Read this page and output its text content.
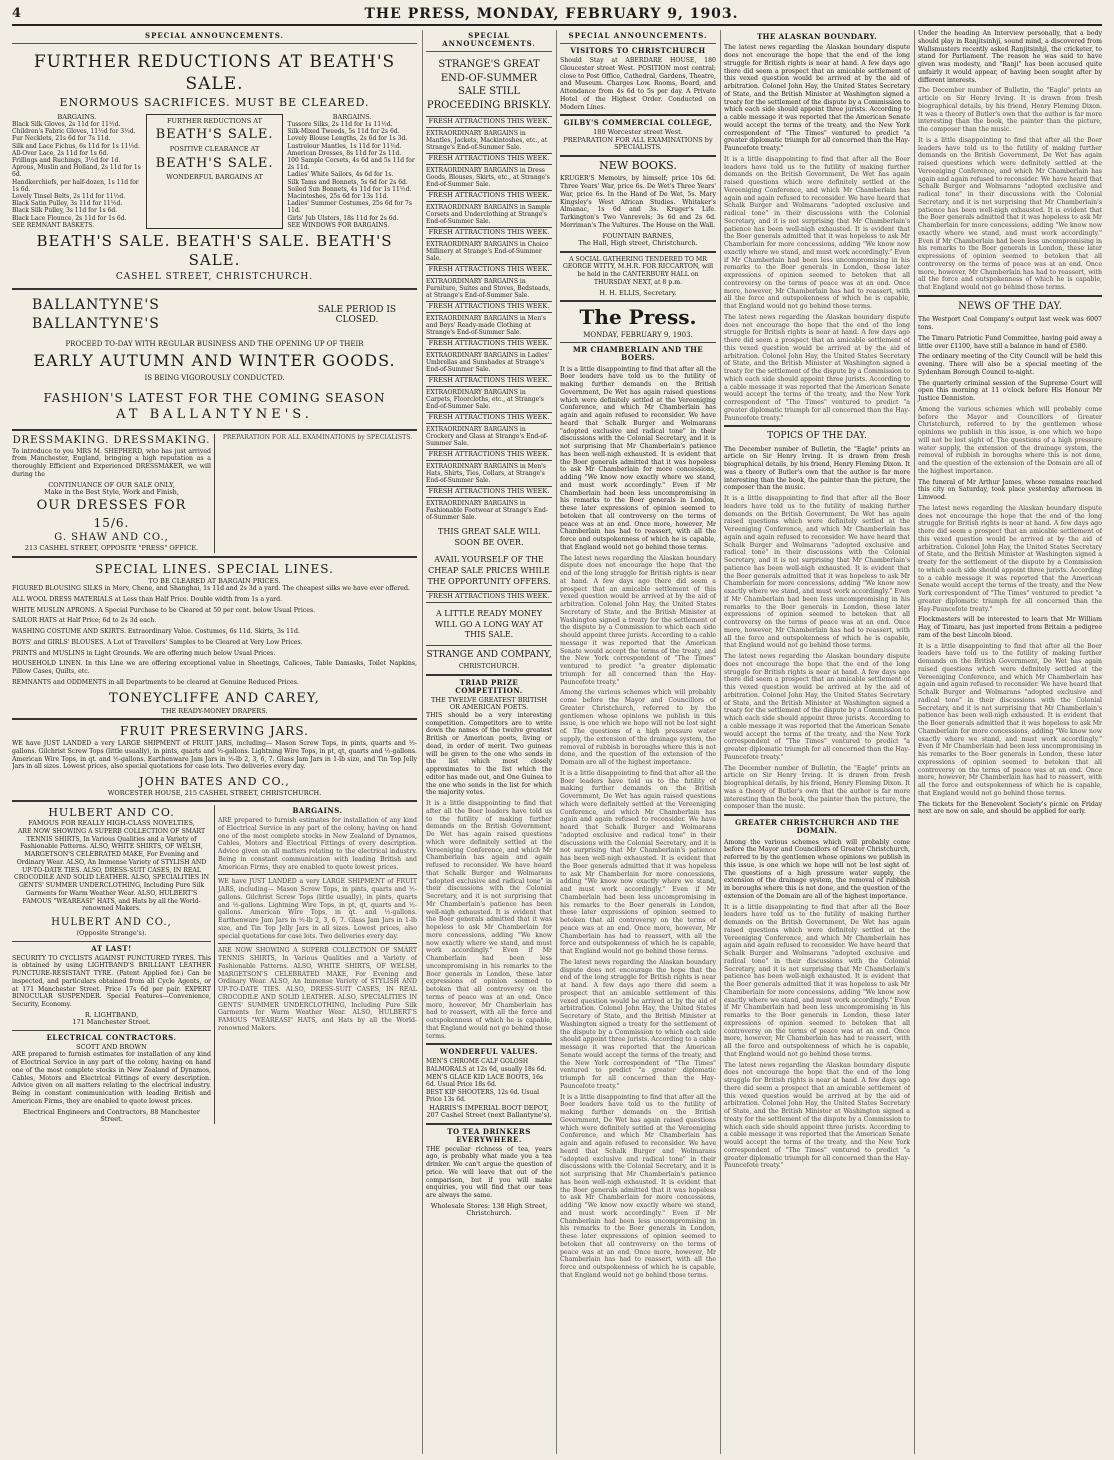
4	THE PRESS, MONDAY, FEBRUARY 9, 1903.
SPECIAL ANNOUNCEMENTS.
FURTHER REDUCTIONS AT BEATH'S SALE.
ENORMOUS SACRIFICES. MUST BE CLEARED.
BARGAINS.
Black Silk Gloves, 2s 11d for 11½d.
Children's Fabric Gloves, 11½d for 3½d.
Fur Necklets, 21s 6d for 7s 11d.
Silk and Lace Fichus, 6s 11d for 1s 11½d.
All-Over Lace, 2s 11d for 1s 6d.
Frillings and Ruchings, 3½d for 1d.
Aprons, Muslin and Holland, 2s 11d for 1s 6d.
Handkerchiefs, per half-dozen, 1s 11d for 1s 6d.
Lovely Tinsel Belts, 2s 11d for 11½d.
Black Satin Pulley, 3s 11d for 11½d.
Black Silk Pulley, 3s 11d for 1s 6d.
Black Lace Flounce, 2s 11d for 1s 6d.
SEE REMNANT BASKETS.
FURTHER REDUCTIONS AT
BEATH'S SALE.
POSITIVE CLEARANCE AT
BEATH'S SALE.
WONDERFUL BARGAINS AT
BARGAINS.
Tussore Silks, 2s 11d for 1s 11½d.
Silk-Mixed Tweeds, 5s 11d for 2s 6d.
Lovely Blouse Lengths, 2s 6d for 1s 3d.
Lustrelour Mantles, 1s 11d for 11½d.
American Dresses, 8s 11d for 2s 11d.
100 Sample Corsets, 4s 6d and 5s 11d for 2s 11d.
Ladies' White Sailors, 4s 6d for 1s.
Silk Tams and Bonnets, 5s 6d for 2s 6d.
Soiled Sun Bonnets, 4s 11d for 1s 11½d.
Macintoshes, 25s 6d for 13s 11d.
Ladies' Summer Costumes, 25s 6d for 7s 11d.
Girls' Jub Ulsters, 18s 11d for 2s 6d.
SEE WINDOWS FOR BARGAINS.
BEATH'S SALE. BEATH'S SALE. BEATH'S SALE.
CASHEL STREET, CHRISTCHURCH.
BALLANTYNE'S
BALLANTYNE'S
SALE PERIOD IS CLOSED.
PROCEED TO-DAY WITH REGULAR BUSINESS AND THE OPENING UP OF THEIR
EARLY AUTUMN AND WINTER GOODS.
IS BEING VIGOROUSLY CONDUCTED.
FASHION'S LATEST FOR THE COMING SEASON
AT BALLANTYNE'S.
DRESSMAKING. DRESSMAKING.
To introduce to you MRS M. SHEPHERD, who has just arrived from Manchester, England, bringing a high reputation as a thoroughly Efficient and Experienced DRESSMAKER, we will during the
CONTINUANCE OF OUR SALE ONLY,
Make in the Best Style, Work and Finish,
OUR DRESSES FOR
15/6.
G. SHAW AND CO.,
213 CASHEL STREET, OPPOSITE "PRESS" OFFICE.
PREPARATION FOR ALL EXAMINATIONS by SPECIALISTS.
SPECIAL LINES. SPECIAL LINES.
TO BE CLEARED AT BARGAIN PRICES.
FIGURED BLOUSING SILKS in Merv, Chene, and Shanghai, 1s 11d and 2s 3d a yard. The cheapest silks we have ever offered.
ALL WOOL DRESS MATERIALS at Less than Half Price. Double width from 1s a yard.
WHITE MUSLIN APRONS. A Special Purchase to be Cleared at 50 per cent. below Usual Prices.
SAILOR HATS at Half Price; 6d to 2s 3d each.
WASHING COSTUME AND SKIRTS. Extraordinary Value. Costumes, 6s 11d. Skirts, 3s 11d.
BOYS' and GIRLS' BLOUSES. A Lot of Travellers' Samples to be Cleared at Very Low Prices.
PRINTS and MUSLINS in Light Grounds. We are offering much below Usual Prices.
HOUSEHOLD LINEN. In this Line we are offering exceptional value in Sheetings, Calicoes, Table Damasks, Toilet Napkins, Pillow Cases, Quilts, etc.
REMNANTS and ODDMENTS in all Departments to be cleared at Genuine Reduced Prices.
TONEYCLIFFE AND CAREY,
THE READY-MONEY DRAPERS.
FRUIT PRESERVING JARS.
WE have JUST LANDED a very LARGE SHIPMENT of FRUIT JARS, including— Mason Screw Tops, in pints, quarts and ½-gallons. Gilchrist Screw Tops (little usually), in pints, quarts and ½-gallons. Lightning Wire Tops, in pt, qt, quarts and ½-gallons. American Wire Tops, in qt. and ½-gallons. Earthenware Jam Jars in ½-lb 2, 3, 6, 7. Glass Jam Jars in 1-lb size, and Tin Top Jelly Jars in all sizes. Lowest prices, also special quotations for case lots. Two deliveries every day.
JOHN BATES AND CO.,
WORCESTER HOUSE, 215 CASHEL STREET, CHRISTCHURCH.
HULBERT AND CO.
FAMOUS FOR REALLY HIGH-CLASS NOVELTIES,
ARE NOW SHOWING A SUPERB COLLECTION OF SMART TENNIS SHIRTS, In Various Qualities and a Variety of Fashionable Patterns. ALSO, WHITE SHIRTS, OF WELSH, MARGETSON'S CELEBRATED MAKE, For Evening and Ordinary Wear. ALSO, An Immense Variety of STYLISH AND UP-TO-DATE TIES. ALSO, DRESS-SUIT CASES, IN REAL CROCODILE AND SOLID LEATHER. ALSO, SPECIALITIES IN GENTS' SUMMER UNDERCLOTHING, Including Pure Silk Garments for Warm Weather Wear. ALSO, HULBERT'S FAMOUS "WEAREASI" HATS, and Hats by all the World-renowned Makers.
HULBERT AND CO.,
(Opposite Strange's).
AT LAST!
SECURITY TO CYCLISTS AGAINST PUNCTURED TYRES. This is obtained by using LIGHTBAND'S BRILLIANT LEATHER PUNCTURE-RESISTANT TYRE. (Patent Applied for.) Can be inspected, and particulars obtained from all Cycle Agents, or at 171 Manchester Street. Price 17s 6d per pair. EXPERT BINOCULAR SUSPENDER. Special Features—Convenience, Security, Economy.
R. LIGHTBAND,
171 Manchester Street.
ELECTRICAL CONTRACTORS.
SCOTT AND BROWN
ARE prepared to furnish estimates for installation of any kind of Electrical Service in any part of the colony, having on hand one of the most complete stocks in New Zealand of Dynamos, Cables, Motors and Electrical Fittings of every description. Advice given on all matters relating to the electrical industry. Being in constant communication with leading British and American Firms, they are enabled to quote lowest prices.
Electrical Engineers and Contractors, 88 Manchester Street.
BARGAINS.
ARE prepared to furnish estimates for installation of any kind of Electrical Service in any part of the colony, having on hand one of the most complete stocks in New Zealand of Dynamos, Cables, Motors and Electrical Fittings of every description. Advice given on all matters relating to the electrical industry. Being in constant communication with leading British and American Firms, they are enabled to quote lowest prices.
WE have JUST LANDED a very LARGE SHIPMENT of FRUIT JARS, including— Mason Screw Tops, in pints, quarts and ½-gallons. Gilchrist Screw Tops (little usually), in pints, quarts and ½-gallons. Lightning Wire Tops, in pt, qt, quarts and ½-gallons. American Wire Tops, in qt. and ½-gallons. Earthenware Jam Jars in ½-lb 2, 3, 6, 7. Glass Jam Jars in 1-lb size, and Tin Top Jelly Jars in all sizes. Lowest prices, also special quotations for case lots. Two deliveries every day.
ARE NOW SHOWING A SUPERB COLLECTION OF SMART TENNIS SHIRTS, In Various Qualities and a Variety of Fashionable Patterns. ALSO, WHITE SHIRTS, OF WELSH, MARGETSON'S CELEBRATED MAKE, For Evening and Ordinary Wear. ALSO, An Immense Variety of STYLISH AND UP-TO-DATE TIES. ALSO, DRESS-SUIT CASES, IN REAL CROCODILE AND SOLID LEATHER. ALSO, SPECIALITIES IN GENTS' SUMMER UNDERCLOTHING, Including Pure Silk Garments for Warm Weather Wear. ALSO, HULBERT'S FAMOUS "WEAREASI" HATS, and Hats by all the World-renowned Makers.
SPECIAL ANNOUNCEMENTS.
STRANGE'S GREAT END-OF-SUMMER SALE STILL PROCEEDING BRISKLY.
FRESH ATTRACTIONS THIS WEEK.
EXTRAORDINARY BARGAINS in Mantles, Jackets, Mackintoshes, etc., at Strange's End-of-Summer Sale.
FRESH ATTRACTIONS THIS WEEK.
EXTRAORDINARY BARGAINS in Dress Goods, Blouses, Skirts, etc., at Strange's End-of-Summer Sale.
FRESH ATTRACTIONS THIS WEEK.
EXTRAORDINARY BARGAINS in Sample Corsets and Underclothing at Strange's End-of-Summer Sale.
FRESH ATTRACTIONS THIS WEEK.
EXTRAORDINARY BARGAINS in Choice Millinery at Strange's End-of-Summer Sale.
FRESH ATTRACTIONS THIS WEEK.
EXTRAORDINARY BARGAINS in Furniture, Suites and Stoves, Bedsteads, at Strange's End-of-Summer Sale.
FRESH ATTRACTIONS THIS WEEK.
EXTRAORDINARY BARGAINS in Men's and Boys' Ready-made Clothing at Strange's End-of-Summer Sale.
FRESH ATTRACTIONS THIS WEEK.
EXTRAORDINARY BARGAINS in Ladies' Umbrellas and Sunshades at Strange's End-of-Summer Sale.
FRESH ATTRACTIONS THIS WEEK.
EXTRAORDINARY BARGAINS in Carpets, Floorcloths, etc., at Strange's End-of-Summer Sale.
FRESH ATTRACTIONS THIS WEEK.
EXTRAORDINARY BARGAINS in Crockery and Glass at Strange's End-of-Summer Sale.
FRESH ATTRACTIONS THIS WEEK.
EXTRAORDINARY BARGAINS in Men's Hats, Shirts, Ties, Collars, at Strange's End-of-Summer Sale.
FRESH ATTRACTIONS THIS WEEK.
EXTRAORDINARY BARGAINS in Fashionable Footwear at Strange's End-of-Summer Sale.
THIS GREAT SALE WILL SOON BE OVER.
AVAIL YOURSELF OF THE CHEAP SALE PRICES WHILE THE OPPORTUNITY OFFERS.
FRESH ATTRACTIONS THIS WEEK.
A LITTLE READY MONEY WILL GO A LONG WAY AT THIS SALE.
STRANGE AND COMPANY,
CHRISTCHURCH.
TRIAD PRIZE COMPETITION.
THE TWELVE GREATEST BRITISH OR AMERICAN POETS.
THIS should be a very interesting competition. Competitors are to write down the names of the twelve greatest British or American poets, living or dead, in order of merit. Two guineas will be given to the one who sends in the list which most closely approximates to the list which the editor has made out, and One Guinea to the one who sends in the list for which the majority votes.
It is a little disappointing to find that after all the Boer leaders have told us to the futility of making further demands on the British Government, De Wet has again raised questions which were definitely settled at the Vereeniging Conference, and which Mr Chamberlain has again and again refused to reconsider. We have heard that Schalk Burger and Wolmarans "adopted exclusive and radical tone" in their discussions with the Colonial Secretary, and it is not surprising that Mr Chamberlain's patience has been well-nigh exhausted. It is evident that the Boer generals admitted that it was hopeless to ask Mr Chamberlain for more concessions, adding "We know now exactly where we stand, and must work accordingly." Even if Mr Chamberlain had been less uncompromising in his remarks to the Boer generals in London, these later expressions of opinion seemed to betoken that all controversy on the terms of peace was at an end. Once more, however, Mr Chamberlain has had to reassert, with all the force and outspokenness of which he is capable, that England would not go behind those terms.
WONDERFUL VALUES.
MEN'S CHROME CALF GOLOSH BALMORALS at 12s 6d, usually 18s 6d.
MEN'S GLACE KID LACE BOOTS, 16s 6d. Usual Price 18s 6d.
BEST KIP SHOOTERS, 12s 6d. Usual Price 13s 6d.
HARRIS'S IMPERIAL BOOT DEPOT,
207 Cashel Street (next Ballantyne's).
TO TEA DRINKERS EVERYWHERE.
THE peculiar richness of tea, years ago, is probably what made you a tea drinker. We can't argue the question of price. We will leave that out of the comparison, but if you will make enquiries, you will find that our teas are always the same.
Wholesale Stores: 138 High Street, Christchurch.
SPECIAL ANNOUNCEMENTS.
VISITORS TO CHRISTCHURCH
Should Stay at ABERDARE HOUSE, 180 Gloucester street West. POSITION most central; close to Post Office, Cathedral, Gardens, Theatre, and Museum. Charges Low. Rooms, Board, and Attendance from 4s 6d to 5s per day. A Private Hotel of the Highest Order. Conducted on Modern Lines.
GILBY'S COMMERCIAL COLLEGE,
180 Worcester street West.
PREPARATION FOR ALL EXAMINATIONS by SPECIALISTS.
NEW BOOKS.
KRUGER'S Memoirs, by himself; price 10s 6d. Three Years' War, price 6s. De Wet's Three Years' War, price 6s. In the Hand of De Wet, 5s. Mary Kingsley's West African Studies. Whitaker's Almanac, 1s 6d and 3s. Kruger's Life. Tarkington's Two Vanrevels; 3s 6d and 2s 6d. Merriman's The Vultures. The House on the Wall.
FOUNTAIN BARNES,
The Hall, High street, Christchurch.
A SOCIAL GATHERING TENDERED TO MR GEORGE WITTY, M.H.R. FOR RICCARTON, will be held in the CANTERBURY HALL on THURSDAY NEXT, at 8 p.m.
H. H. ELLIS, Secretary.
The Press.
MONDAY, FEBRUARY 9, 1903.
MR CHAMBERLAIN AND THE BOERS.
It is a little disappointing to find that after all the Boer leaders have told us to the futility of making further demands on the British Government, De Wet has again raised questions which were definitely settled at the Vereeniging Conference, and which Mr Chamberlain has again and again refused to reconsider. We have heard that Schalk Burger and Wolmarans "adopted exclusive and radical tone" in their discussions with the Colonial Secretary, and it is not surprising that Mr Chamberlain's patience has been well-nigh exhausted. It is evident that the Boer generals admitted that it was hopeless to ask Mr Chamberlain for more concessions, adding "We know now exactly where we stand, and must work accordingly." Even if Mr Chamberlain had been less uncompromising in his remarks to the Boer generals in London, these later expressions of opinion seemed to betoken that all controversy on the terms of peace was at an end. Once more, however, Mr Chamberlain has had to reassert, with all the force and outspokenness of which he is capable, that England would not go behind those terms.
The latest news regarding the Alaskan boundary dispute does not encourage the hope that the end of the long struggle for British rights is near at hand. A few days ago there did seem a prospect that an amicable settlement of this vexed question would be arrived at by the aid of arbitration. Colonel John Hay, the United States Secretary of State, and the British Minister at Washington signed a treaty for the settlement of the dispute by a Commission to which each side should appoint three jurists. According to a cable message it was reported that the American Senate would accept the terms of the treaty, and the New York correspondent of "The Times" ventured to predict "a greater diplomatic triumph for all concerned than the Hay-Pauncefote treaty."
Among the various schemes which will probably come before the Mayor and Councillors of Greater Christchurch, referred to by the gentlemen whose opinions we publish in this issue, is one which we hope will not be lost sight of. The questions of a high pressure water supply, the extension of the drainage system, the removal of rubbish in boroughs where this is not done, and the question of the extension of the Domain are all of the highest importance.
It is a little disappointing to find that after all the Boer leaders have told us to the futility of making further demands on the British Government, De Wet has again raised questions which were definitely settled at the Vereeniging Conference, and which Mr Chamberlain has again and again refused to reconsider. We have heard that Schalk Burger and Wolmarans "adopted exclusive and radical tone" in their discussions with the Colonial Secretary, and it is not surprising that Mr Chamberlain's patience has been well-nigh exhausted. It is evident that the Boer generals admitted that it was hopeless to ask Mr Chamberlain for more concessions, adding "We know now exactly where we stand, and must work accordingly." Even if Mr Chamberlain had been less uncompromising in his remarks to the Boer generals in London, these later expressions of opinion seemed to betoken that all controversy on the terms of peace was at an end. Once more, however, Mr Chamberlain has had to reassert, with all the force and outspokenness of which he is capable, that England would not go behind those terms.
The latest news regarding the Alaskan boundary dispute does not encourage the hope that the end of the long struggle for British rights is near at hand. A few days ago there did seem a prospect that an amicable settlement of this vexed question would be arrived at by the aid of arbitration. Colonel John Hay, the United States Secretary of State, and the British Minister at Washington signed a treaty for the settlement of the dispute by a Commission to which each side should appoint three jurists. According to a cable message it was reported that the American Senate would accept the terms of the treaty, and the New York correspondent of "The Times" ventured to predict "a greater diplomatic triumph for all concerned than the Hay-Pauncefote treaty."
It is a little disappointing to find that after all the Boer leaders have told us to the futility of making further demands on the British Government, De Wet has again raised questions which were definitely settled at the Vereeniging Conference, and which Mr Chamberlain has again and again refused to reconsider. We have heard that Schalk Burger and Wolmarans "adopted exclusive and radical tone" in their discussions with the Colonial Secretary, and it is not surprising that Mr Chamberlain's patience has been well-nigh exhausted. It is evident that the Boer generals admitted that it was hopeless to ask Mr Chamberlain for more concessions, adding "We know now exactly where we stand, and must work accordingly." Even if Mr Chamberlain had been less uncompromising in his remarks to the Boer generals in London, these later expressions of opinion seemed to betoken that all controversy on the terms of peace was at an end. Once more, however, Mr Chamberlain has had to reassert, with all the force and outspokenness of which he is capable, that England would not go behind those terms.
THE ALASKAN BOUNDARY.
The latest news regarding the Alaskan boundary dispute does not encourage the hope that the end of the long struggle for British rights is near at hand. A few days ago there did seem a prospect that an amicable settlement of this vexed question would be arrived at by the aid of arbitration. Colonel John Hay, the United States Secretary of State, and the British Minister at Washington signed a treaty for the settlement of the dispute by a Commission to which each side should appoint three jurists. According to a cable message it was reported that the American Senate would accept the terms of the treaty, and the New York correspondent of "The Times" ventured to predict "a greater diplomatic triumph for all concerned than the Hay-Pauncefote treaty."
It is a little disappointing to find that after all the Boer leaders have told us to the futility of making further demands on the British Government, De Wet has again raised questions which were definitely settled at the Vereeniging Conference, and which Mr Chamberlain has again and again refused to reconsider. We have heard that Schalk Burger and Wolmarans "adopted exclusive and radical tone" in their discussions with the Colonial Secretary, and it is not surprising that Mr Chamberlain's patience has been well-nigh exhausted. It is evident that the Boer generals admitted that it was hopeless to ask Mr Chamberlain for more concessions, adding "We know now exactly where we stand, and must work accordingly." Even if Mr Chamberlain had been less uncompromising in his remarks to the Boer generals in London, these later expressions of opinion seemed to betoken that all controversy on the terms of peace was at an end. Once more, however, Mr Chamberlain has had to reassert, with all the force and outspokenness of which he is capable, that England would not go behind those terms.
The latest news regarding the Alaskan boundary dispute does not encourage the hope that the end of the long struggle for British rights is near at hand. A few days ago there did seem a prospect that an amicable settlement of this vexed question would be arrived at by the aid of arbitration. Colonel John Hay, the United States Secretary of State, and the British Minister at Washington signed a treaty for the settlement of the dispute by a Commission to which each side should appoint three jurists. According to a cable message it was reported that the American Senate would accept the terms of the treaty, and the New York correspondent of "The Times" ventured to predict "a greater diplomatic triumph for all concerned than the Hay-Pauncefote treaty."
TOPICS OF THE DAY.
The December number of Bulletin, the "Eagle" prints an article on Sir Henry Irving. It is drawn from fresh biographical details, by his friend, Henry Fleming Dixon. It was a theory of Butler's own that the author is far more interesting than the book, the painter than the picture, the composer than the music.
It is a little disappointing to find that after all the Boer leaders have told us to the futility of making further demands on the British Government, De Wet has again raised questions which were definitely settled at the Vereeniging Conference, and which Mr Chamberlain has again and again refused to reconsider. We have heard that Schalk Burger and Wolmarans "adopted exclusive and radical tone" in their discussions with the Colonial Secretary, and it is not surprising that Mr Chamberlain's patience has been well-nigh exhausted. It is evident that the Boer generals admitted that it was hopeless to ask Mr Chamberlain for more concessions, adding "We know now exactly where we stand, and must work accordingly." Even if Mr Chamberlain had been less uncompromising in his remarks to the Boer generals in London, these later expressions of opinion seemed to betoken that all controversy on the terms of peace was at an end. Once more, however, Mr Chamberlain has had to reassert, with all the force and outspokenness of which he is capable, that England would not go behind those terms.
The latest news regarding the Alaskan boundary dispute does not encourage the hope that the end of the long struggle for British rights is near at hand. A few days ago there did seem a prospect that an amicable settlement of this vexed question would be arrived at by the aid of arbitration. Colonel John Hay, the United States Secretary of State, and the British Minister at Washington signed a treaty for the settlement of the dispute by a Commission to which each side should appoint three jurists. According to a cable message it was reported that the American Senate would accept the terms of the treaty, and the New York correspondent of "The Times" ventured to predict "a greater diplomatic triumph for all concerned than the Hay-Pauncefote treaty."
The December number of Bulletin, the "Eagle" prints an article on Sir Henry Irving. It is drawn from fresh biographical details, by his friend, Henry Fleming Dixon. It was a theory of Butler's own that the author is far more interesting than the book, the painter than the picture, the composer than the music.
GREATER CHRISTCHURCH AND THE DOMAIN.
Among the various schemes which will probably come before the Mayor and Councillors of Greater Christchurch, referred to by the gentlemen whose opinions we publish in this issue, is one which we hope will not be lost sight of. The questions of a high pressure water supply, the extension of the drainage system, the removal of rubbish in boroughs where this is not done, and the question of the extension of the Domain are all of the highest importance.
It is a little disappointing to find that after all the Boer leaders have told us to the futility of making further demands on the British Government, De Wet has again raised questions which were definitely settled at the Vereeniging Conference, and which Mr Chamberlain has again and again refused to reconsider. We have heard that Schalk Burger and Wolmarans "adopted exclusive and radical tone" in their discussions with the Colonial Secretary, and it is not surprising that Mr Chamberlain's patience has been well-nigh exhausted. It is evident that the Boer generals admitted that it was hopeless to ask Mr Chamberlain for more concessions, adding "We know now exactly where we stand, and must work accordingly." Even if Mr Chamberlain had been less uncompromising in his remarks to the Boer generals in London, these later expressions of opinion seemed to betoken that all controversy on the terms of peace was at an end. Once more, however, Mr Chamberlain has had to reassert, with all the force and outspokenness of which he is capable, that England would not go behind those terms.
The latest news regarding the Alaskan boundary dispute does not encourage the hope that the end of the long struggle for British rights is near at hand. A few days ago there did seem a prospect that an amicable settlement of this vexed question would be arrived at by the aid of arbitration. Colonel John Hay, the United States Secretary of State, and the British Minister at Washington signed a treaty for the settlement of the dispute by a Commission to which each side should appoint three jurists. According to a cable message it was reported that the American Senate would accept the terms of the treaty, and the New York correspondent of "The Times" ventured to predict "a greater diplomatic triumph for all concerned than the Hay-Pauncefote treaty."
Under the heading An Interview personally, that a body should play in Ranjitsinhji, sound mind, a discovered from Wallsmusters recently asked Ranjitsinhji, the cricketer, to stand for Parliament. The reason he was said to have given was modesty, and "Ranji" has been accused quite unfairly it would appear, of having been sought after by different interests.
The December number of Bulletin, the "Eagle" prints an article on Sir Henry Irving. It is drawn from fresh biographical details, by his friend, Henry Fleming Dixon. It was a theory of Butler's own that the author is far more interesting than the book, the painter than the picture, the composer than the music.
It is a little disappointing to find that after all the Boer leaders have told us to the futility of making further demands on the British Government, De Wet has again raised questions which were definitely settled at the Vereeniging Conference, and which Mr Chamberlain has again and again refused to reconsider. We have heard that Schalk Burger and Wolmarans "adopted exclusive and radical tone" in their discussions with the Colonial Secretary, and it is not surprising that Mr Chamberlain's patience has been well-nigh exhausted. It is evident that the Boer generals admitted that it was hopeless to ask Mr Chamberlain for more concessions, adding "We know now exactly where we stand, and must work accordingly." Even if Mr Chamberlain had been less uncompromising in his remarks to the Boer generals in London, these later expressions of opinion seemed to betoken that all controversy on the terms of peace was at an end. Once more, however, Mr Chamberlain has had to reassert, with all the force and outspokenness of which he is capable, that England would not go behind those terms.
NEWS OF THE DAY.
The Westport Coal Company's output last week was 6007 tons.
The Timaru Patriotic Fund Committee, having paid away a little over £1100, have still a balance in hand of £580.
The ordinary meeting of the City Council will be held this evening. There will also be a special meeting of the Sydenham Borough Council to-night.
The quarterly criminal session of the Supreme Court will open this morning at 11 o'clock before His Honour Mr Justice Denniston.
Among the various schemes which will probably come before the Mayor and Councillors of Greater Christchurch, referred to by the gentlemen whose opinions we publish in this issue, is one which we hope will not be lost sight of. The questions of a high pressure water supply, the extension of the drainage system, the removal of rubbish in boroughs where this is not done, and the question of the extension of the Domain are all of the highest importance.
The funeral of Mr Arthur James, whose remains reached this city on Saturday, took place yesterday afternoon in Linwood.
The latest news regarding the Alaskan boundary dispute does not encourage the hope that the end of the long struggle for British rights is near at hand. A few days ago there did seem a prospect that an amicable settlement of this vexed question would be arrived at by the aid of arbitration. Colonel John Hay, the United States Secretary of State, and the British Minister at Washington signed a treaty for the settlement of the dispute by a Commission to which each side should appoint three jurists. According to a cable message it was reported that the American Senate would accept the terms of the treaty, and the New York correspondent of "The Times" ventured to predict "a greater diplomatic triumph for all concerned than the Hay-Pauncefote treaty."
Flockmasters will be interested to learn that Mr William Hay, of Timaru, has just imported from Britain a pedigree ram of the best Lincoln blood.
It is a little disappointing to find that after all the Boer leaders have told us to the futility of making further demands on the British Government, De Wet has again raised questions which were definitely settled at the Vereeniging Conference, and which Mr Chamberlain has again and again refused to reconsider. We have heard that Schalk Burger and Wolmarans "adopted exclusive and radical tone" in their discussions with the Colonial Secretary, and it is not surprising that Mr Chamberlain's patience has been well-nigh exhausted. It is evident that the Boer generals admitted that it was hopeless to ask Mr Chamberlain for more concessions, adding "We know now exactly where we stand, and must work accordingly." Even if Mr Chamberlain had been less uncompromising in his remarks to the Boer generals in London, these later expressions of opinion seemed to betoken that all controversy on the terms of peace was at an end. Once more, however, Mr Chamberlain has had to reassert, with all the force and outspokenness of which he is capable, that England would not go behind those terms.
The tickets for the Benevolent Society's picnic on Friday next are now on sale, and should be applied for early.
